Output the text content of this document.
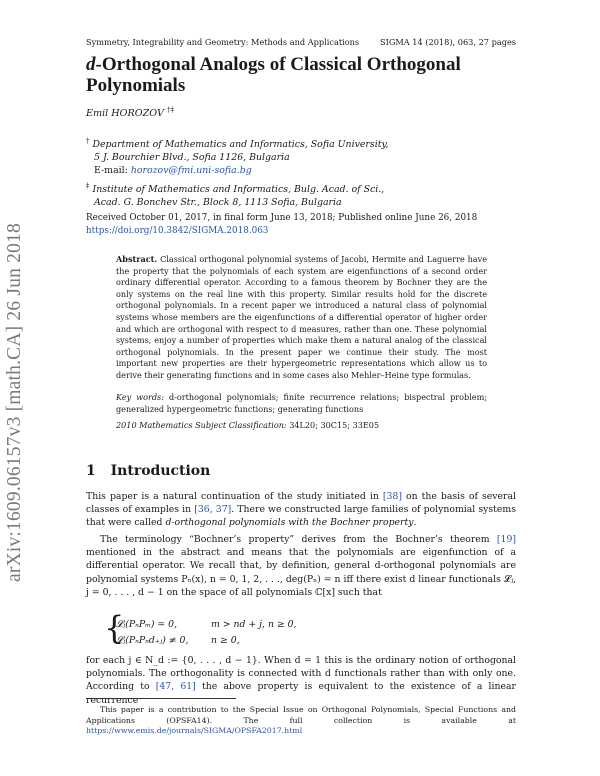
Symmetry, Integrability and Geometry: Methods and Applications	SIGMA 14 (2018), 063, 27 pages
arXiv:1609.06157v3 [math.CA] 26 Jun 2018
d-Orthogonal Analogs of Classical Orthogonal Polynomials
Emil HOROZOV †‡
† Department of Mathematics and Informatics, Sofia University,
5 J. Bourchier Blvd., Sofia 1126, Bulgaria
E-mail: horozov@fmi.uni-sofia.bg
‡ Institute of Mathematics and Informatics, Bulg. Acad. of Sci.,
Acad. G. Bonchev Str., Block 8, 1113 Sofia, Bulgaria
Received October 01, 2017, in final form June 13, 2018; Published online June 26, 2018
https://doi.org/10.3842/SIGMA.2018.063
Abstract. Classical orthogonal polynomial systems of Jacobi, Hermite and Laguerre have the property that the polynomials of each system are eigenfunctions of a second order ordinary differential operator. According to a famous theorem by Bochner they are the only systems on the real line with this property. Similar results hold for the discrete orthogonal polynomials. In a recent paper we introduced a natural class of polynomial systems whose members are the eigenfunctions of a differential operator of higher order and which are orthogonal with respect to d measures, rather than one. These polynomial systems, enjoy a number of properties which make them a natural analog of the classical orthogonal polynomials. In the present paper we continue their study. The most important new properties are their hypergeometric representations which allow us to derive their generating functions and in some cases also Mehler–Heine type formulas.
Key words: d-orthogonal polynomials; finite recurrence relations; bispectral problem; generalized hypergeometric functions; generating functions
2010 Mathematics Subject Classification: 34L20; 30C15; 33E05
1 Introduction
This paper is a natural continuation of the study initiated in [38] on the basis of several classes of examples in [36, 37]. There we constructed large families of polynomial systems that were called d-orthogonal polynomials with the Bochner property.
The terminology “Bochner’s property” derives from the Bochner’s theorem [19] mentioned in the abstract and means that the polynomials are eigenfunction of a differential operator. We recall that, by definition, general d-orthogonal polynomials are polynomial systems Pₙ(x), n = 0, 1, 2, . . ., deg(Pₙ) = n iff there exist d linear functionals 𝓛ⱼ, j = 0, . . . , d − 1 on the space of all polynomials ℂ[x] such that
{
𝓛ⱼ(PₙPₘ) = 0,	m > nd + j, n ≥ 0,
𝓛ⱼ(PₙPₙd₊ⱼ) ≠ 0, n ≥ 0,
for each j ∈ N_d := {0, . . . , d − 1}. When d = 1 this is the ordinary notion of orthogonal polynomials. The orthogonality is connected with d functionals rather than with only one. According to [47, 61] the above property is equivalent to the existence of a linear recurrence
This paper is a contribution to the Special Issue on Orthogonal Polynomials, Special Functions and Applications (OPSFA14). The full collection is available at https://www.emis.de/journals/SIGMA/OPSFA2017.html
